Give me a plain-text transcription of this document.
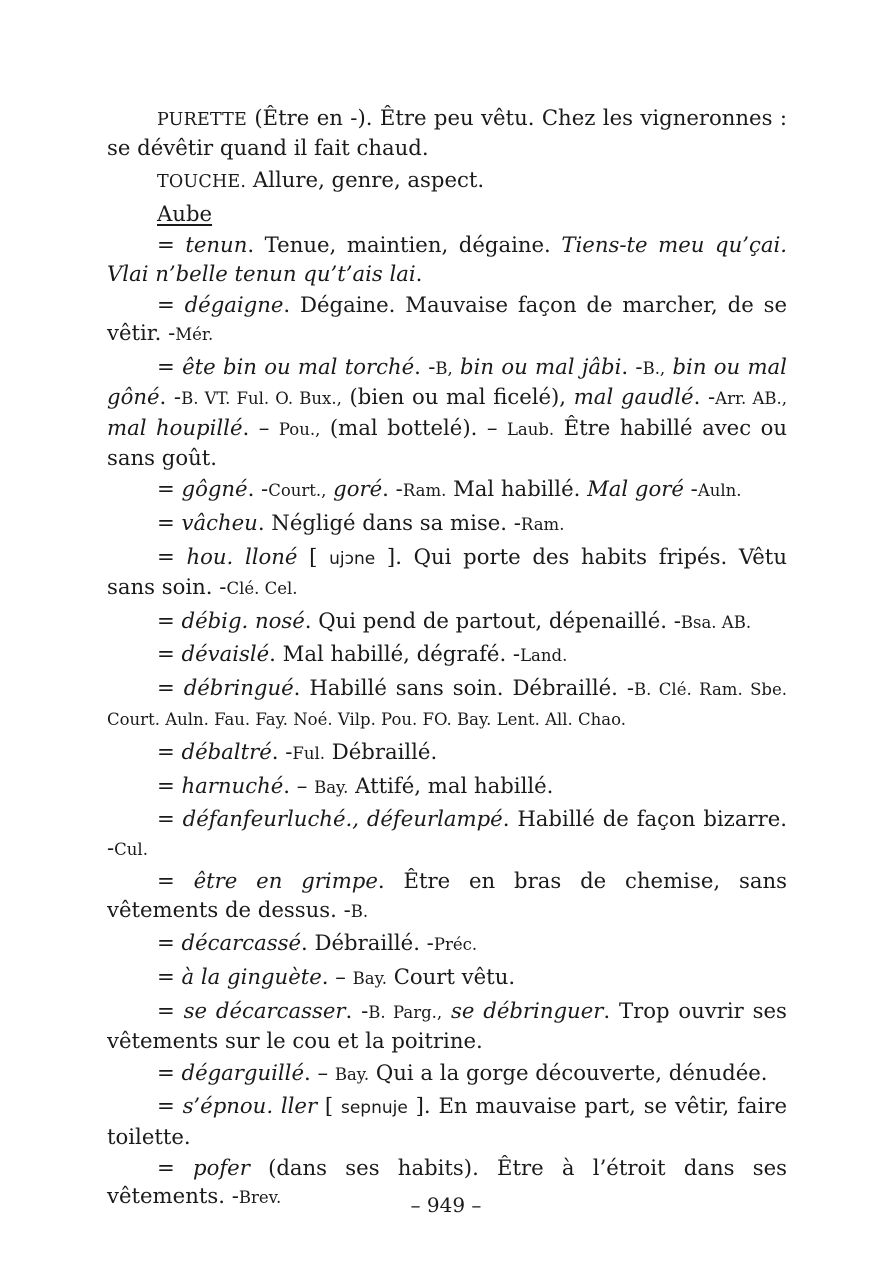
PURETTE (Être en -). Être peu vêtu. Chez les vigneronnes : se dévêtir quand il fait chaud.

TOUCHE. Allure, genre, aspect.

Aube

= tenun. Tenue, maintien, dégaine. Tiens-te meu qu’çai. Vlai n’belle tenun qu’t’ais lai.

= dégaigne. Dégaine. Mauvaise façon de marcher, de se vêtir. -Mér.

= ête bin ou mal torché. -B, bin ou mal jâbi. -B., bin ou mal gôné. -B. VT. Ful. O. Bux., (bien ou mal ficelé), mal gaudlé. -Arr. AB., mal houpillé. – Pou., (mal bottelé). – Laub. Être habillé avec ou sans goût.

= gôgné. -Court., goré. -Ram. Mal habillé. Mal goré -Auln.

= vâcheu. Négligé dans sa mise. -Ram.

= hou. lloné [ ujɔne ]. Qui porte des habits fripés. Vêtu sans soin. -Clé. Cel.

= débig. nosé. Qui pend de partout, dépenaillé. -Bsa. AB.

= dévaislé. Mal habillé, dégrafé. -Land.

= débringué. Habillé sans soin. Débraillé. -B. Clé. Ram. Sbe. Court. Auln. Fau. Fay. Noé. Vilp. Pou. FO. Bay. Lent. All. Chao.

= débaltré. -Ful. Débraillé.

= harnuché. – Bay. Attifé, mal habillé.

= défanfeurluché., défeurlampé. Habillé de façon bizarre. -Cul.

= être en grimpe. Être en bras de chemise, sans vêtements de dessus. -B.

= décarcassé. Débraillé. -Préc.

= à la ginguète. – Bay. Court vêtu.

= se décarcasser. -B. Parg., se débringuer. Trop ouvrir ses vêtements sur le cou et la poitrine.

= dégarguillé. – Bay. Qui a la gorge découverte, dénudée.

= s’épnou. ller [ sepnuje ]. En mauvaise part, se vêtir, faire toilette.

= pofer (dans ses habits). Être à l’étroit dans ses vêtements. -Brev.	– 949 –
